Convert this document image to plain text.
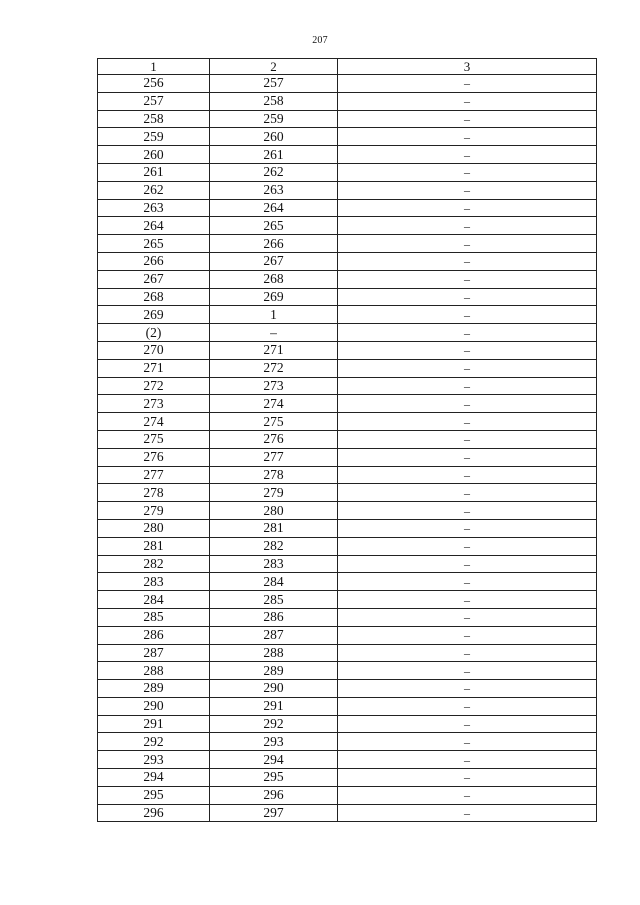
207
1	2	3
256	257	–
257	258	–
258	259	–
259	260	–
260	261	–
261	262	–
262	263	–
263	264	–
264	265	–
265	266	–
266	267	–
267	268	–
268	269	–
269	1	–
(2)	–	–
270	271	–
271	272	–
272	273	–
273	274	–
274	275	–
275	276	–
276	277	–
277	278	–
278	279	–
279	280	–
280	281	–
281	282	–
282	283	–
283	284	–
284	285	–
285	286	–
286	287	–
287	288	–
288	289	–
289	290	–
290	291	–
291	292	–
292	293	–
293	294	–
294	295	–
295	296	–
296	297	–
